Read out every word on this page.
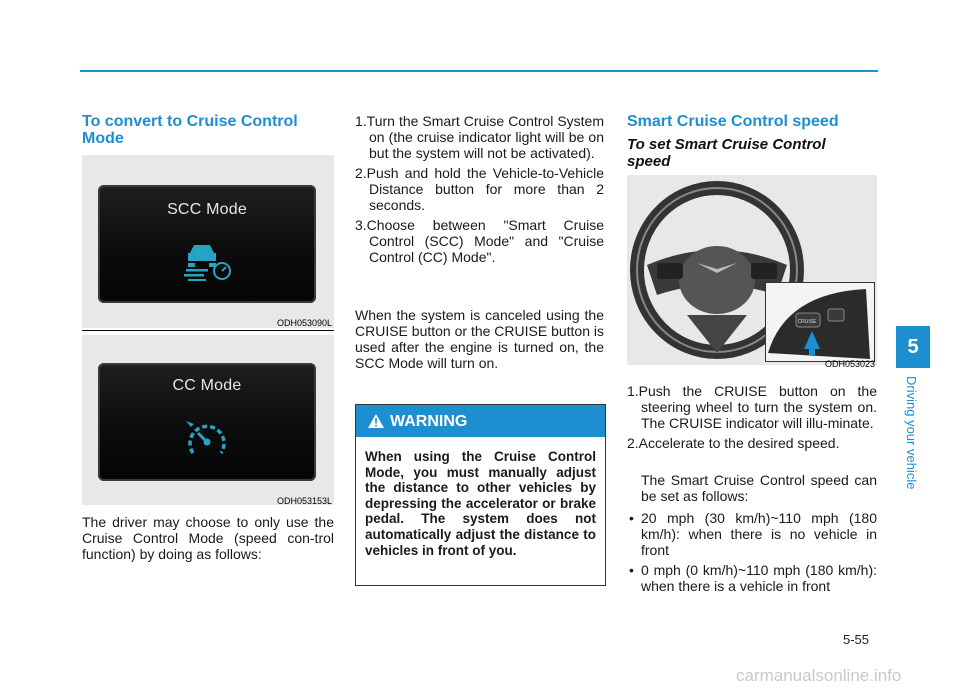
To convert to Cruise Control Mode
SCC Mode
ODH053090L
CC Mode
ODH053153L
The driver may choose to only use the Cruise Control Mode (speed con-trol function) by doing as follows:
1.Turn the Smart Cruise Control System on (the cruise indicator light will be on but the system will not be activated).
2.Push and hold the Vehicle-to-Vehicle Distance button for more than 2 seconds.
3.Choose between "Smart Cruise Control (SCC) Mode" and "Cruise Control (CC) Mode".
When the system is canceled using the CRUISE button or the CRUISE button is used after the engine is turned on, the SCC Mode will turn on.
WARNING
When using the Cruise Control Mode, you must manually adjust the distance to other vehicles by depressing the accelerator or brake pedal. The system does not automatically adjust the distance to vehicles in front of you.
Smart Cruise Control speed
To set Smart Cruise Control speed
CRUISE
ODH053023
1.Push the CRUISE button on the steering wheel to turn the system on. The CRUISE indicator will illu-minate.
2.Accelerate to the desired speed.
The Smart Cruise Control speed can be set as follows:
• 20 mph (30 km/h)~110 mph (180 km/h): when there is no vehicle in front
• 0 mph (0 km/h)~110 mph (180 km/h): when there is a vehicle in front
5
Driving your vehicle
5-55
carmanualsonline.info
